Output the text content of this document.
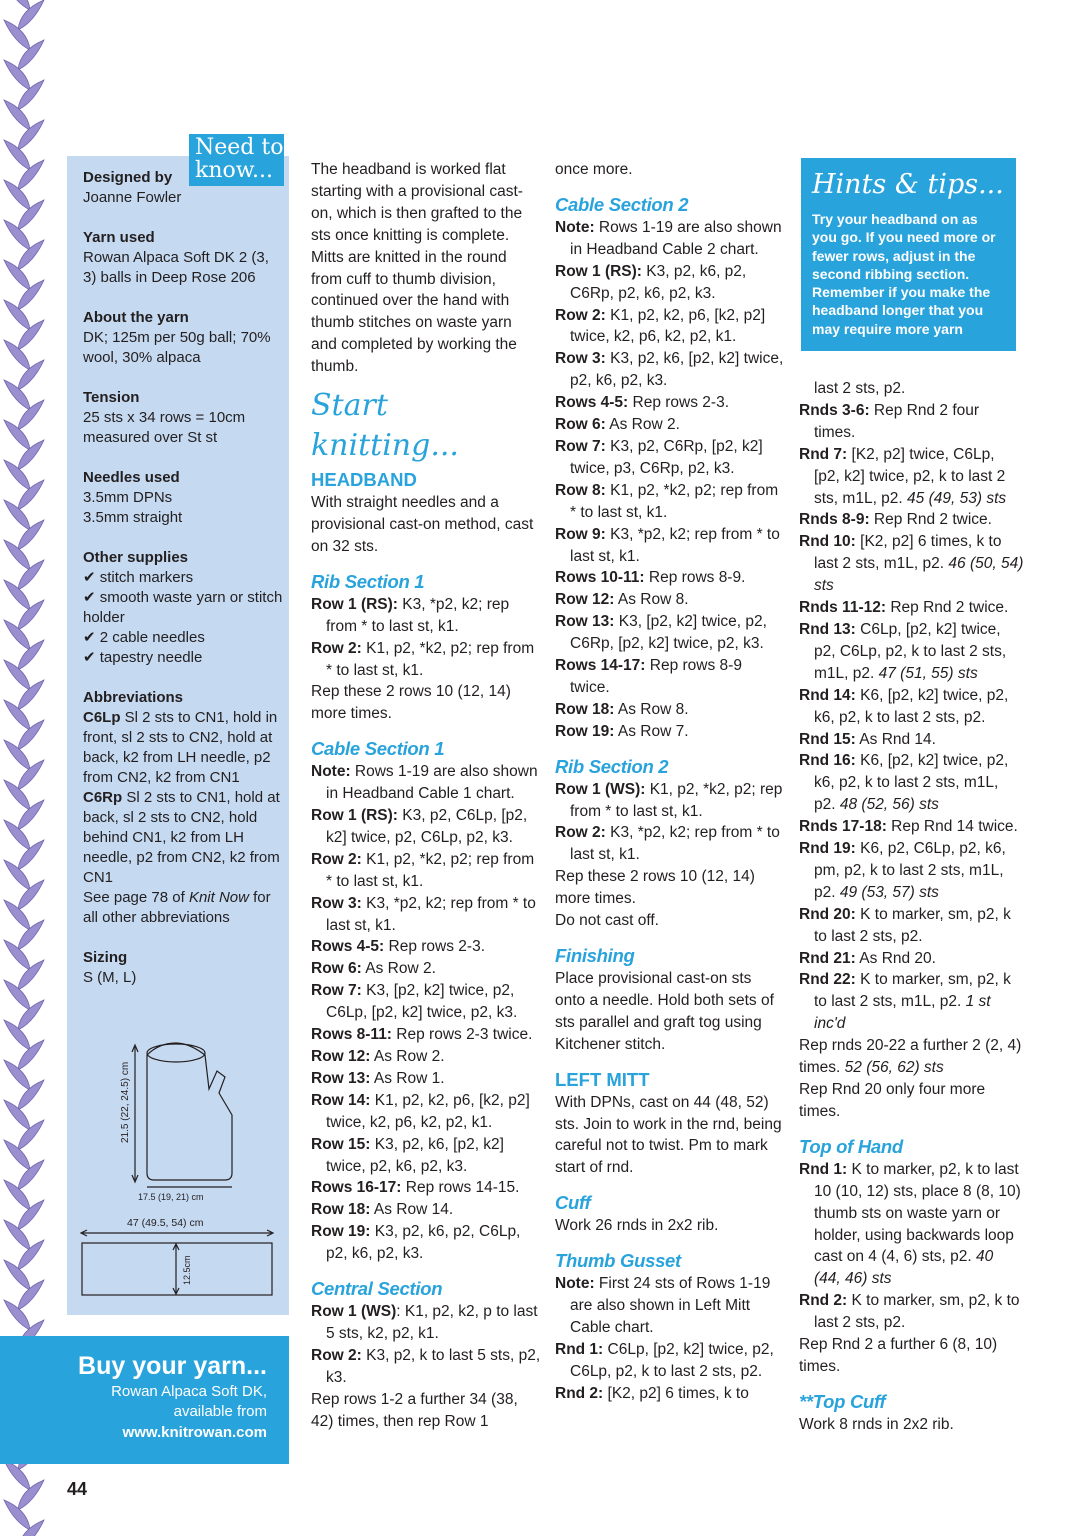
Need to know...

Designed by

Joanne Fowler

Yarn used

Rowan Alpaca Soft DK 2 (3, 3) balls in Deep Rose 206

About the yarn

DK; 125m per 50g ball; 70% wool, 30% alpaca

Tension

25 sts x 34 rows = 10cm measured over St st

Needles used

3.5mm DPNs

3.5mm straight

Other supplies

✔ stitch markers

✔ smooth waste yarn or stitch holder

✔ 2 cable needles

✔ tapestry needle

Abbreviations

C6Lp Sl 2 sts to CN1, hold in front, sl 2 sts to CN2, hold at back, k2 from LH needle, p2 from CN2, k2 from CN1

C6Rp Sl 2 sts to CN1, hold at back, sl 2 sts to CN2, hold behind CN1, k2 from LH needle, p2 from CN2, k2 from CN1

See page 78 of Knit Now for all other abbreviations

Sizing

S (M, L)

21.5 (22, 24.5) cm
17.5 (19, 21) cm
47 (49.5, 54) cm
12.5cm
Buy your yarn...
Rowan Alpaca Soft DK,
available from
www.knitrowan.com
44

The headband is worked flat starting with a provisional cast-on, which is then grafted to the sts once knitting is complete. Mitts are knitted in the round from cuff to thumb division, continued over the hand with thumb stitches on waste yarn and completed by working the thumb.

Start knitting...

HEADBAND

With straight needles and a provisional cast-on method, cast on 32 sts.

Rib Section 1

Row 1 (RS): K3, *p2, k2; rep from * to last st, k1.

Row 2: K1, p2, *k2, p2; rep from * to last st, k1.

Rep these 2 rows 10 (12, 14) more times.

Cable Section 1

Note: Rows 1-19 are also shown in Headband Cable 1 chart.

Row 1 (RS): K3, p2, C6Lp, [p2, k2] twice, p2, C6Lp, p2, k3.

Row 2: K1, p2, *k2, p2; rep from * to last st, k1.

Row 3: K3, *p2, k2; rep from * to last st, k1.

Rows 4-5: Rep rows 2-3.

Row 6: As Row 2.

Row 7: K3, [p2, k2] twice, p2, C6Lp, [p2, k2] twice, p2, k3.

Rows 8-11: Rep rows 2-3 twice.

Row 12: As Row 2.

Row 13: As Row 1.

Row 14: K1, p2, k2, p6, [k2, p2] twice, k2, p6, k2, p2, k1.

Row 15: K3, p2, k6, [p2, k2] twice, p2, k6, p2, k3.

Rows 16-17: Rep rows 14-15.

Row 18: As Row 14.

Row 19: K3, p2, k6, p2, C6Lp, p2, k6, p2, k3.

Central Section

Row 1 (WS): K1, p2, k2, p to last 5 sts, k2, p2, k1.

Row 2: K3, p2, k to last 5 sts, p2, k3.

Rep rows 1-2 a further 34 (38, 42) times, then rep Row 1

once more.

Cable Section 2

Note: Rows 1-19 are also shown in Headband Cable 2 chart.

Row 1 (RS): K3, p2, k6, p2, C6Rp, p2, k6, p2, k3.

Row 2: K1, p2, k2, p6, [k2, p2] twice, k2, p6, k2, p2, k1.

Row 3: K3, p2, k6, [p2, k2] twice, p2, k6, p2, k3.

Rows 4-5: Rep rows 2-3.

Row 6: As Row 2.

Row 7: K3, p2, C6Rp, [p2, k2] twice, p3, C6Rp, p2, k3.

Row 8: K1, p2, *k2, p2; rep from * to last st, k1.

Row 9: K3, *p2, k2; rep from * to last st, k1.

Rows 10-11: Rep rows 8-9.

Row 12: As Row 8.

Row 13: K3, [p2, k2] twice, p2, C6Rp, [p2, k2] twice, p2, k3.

Rows 14-17: Rep rows 8-9 twice.

Row 18: As Row 8.

Row 19: As Row 7.

Rib Section 2

Row 1 (WS): K1, p2, *k2, p2; rep from * to last st, k1.

Row 2: K3, *p2, k2; rep from * to last st, k1.

Rep these 2 rows 10 (12, 14) more times.

Do not cast off.

Finishing

Place provisional cast-on sts onto a needle. Hold both sets of sts parallel and graft tog using Kitchener stitch.

LEFT MITT

With DPNs, cast on 44 (48, 52) sts. Join to work in the rnd, being careful not to twist. Pm to mark start of rnd.

Cuff

Work 26 rnds in 2x2 rib.

Thumb Gusset

Note: First 24 sts of Rows 1-19 are also shown in Left Mitt Cable chart.

Rnd 1: C6Lp, [p2, k2] twice, p2, C6Lp, p2, k to last 2 sts, p2.

Rnd 2: [K2, p2] 6 times, k to

Hints & tips...
Try your headband on as you go. If you need more or fewer rows, adjust in the second ribbing section. Remember if you make the headband longer that you may require more yarn

last 2 sts, p2.

Rnds 3-6: Rep Rnd 2 four times.

Rnd 7: [K2, p2] twice, C6Lp, [p2, k2] twice, p2, k to last 2 sts, m1L, p2. 45 (49, 53) sts

Rnds 8-9: Rep Rnd 2 twice.

Rnd 10: [K2, p2] 6 times, k to last 2 sts, m1L, p2. 46 (50, 54) sts

Rnds 11-12: Rep Rnd 2 twice.

Rnd 13: C6Lp, [p2, k2] twice, p2, C6Lp, p2, k to last 2 sts, m1L, p2. 47 (51, 55) sts

Rnd 14: K6, [p2, k2] twice, p2, k6, p2, k to last 2 sts, p2.

Rnd 15: As Rnd 14.

Rnd 16: K6, [p2, k2] twice, p2, k6, p2, k to last 2 sts, m1L, p2. 48 (52, 56) sts

Rnds 17-18: Rep Rnd 14 twice.

Rnd 19: K6, p2, C6Lp, p2, k6, pm, p2, k to last 2 sts, m1L, p2. 49 (53, 57) sts

Rnd 20: K to marker, sm, p2, k to last 2 sts, p2.

Rnd 21: As Rnd 20.

Rnd 22: K to marker, sm, p2, k to last 2 sts, m1L, p2. 1 st inc'd

Rep rnds 20-22 a further 2 (2, 4) times. 52 (56, 62) sts

Rep Rnd 20 only four more times.

Top of Hand

Rnd 1: K to marker, p2, k to last 10 (10, 12) sts, place 8 (8, 10) thumb sts on waste yarn or holder, using backwards loop cast on 4 (4, 6) sts, p2. 40 (44, 46) sts

Rnd 2: K to marker, sm, p2, k to last 2 sts, p2.

Rep Rnd 2 a further 6 (8, 10) times.

**Top Cuff

Work 8 rnds in 2x2 rib.
